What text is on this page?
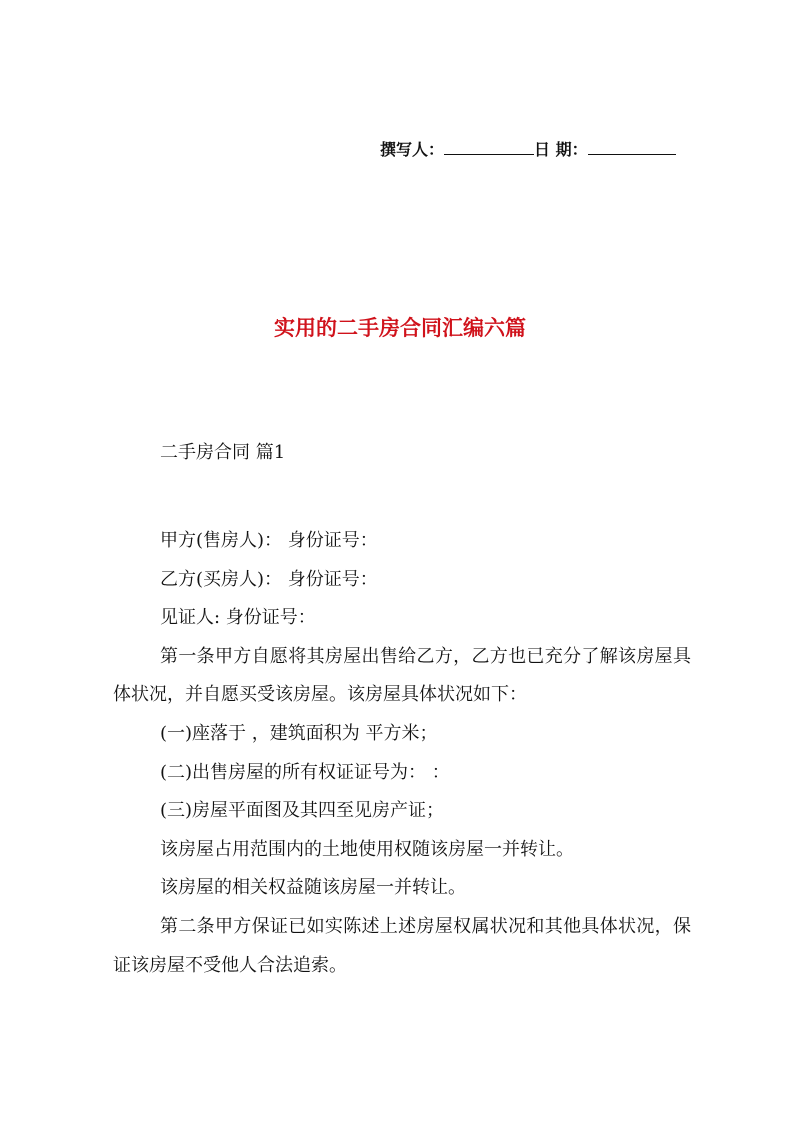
撰写人：	日 期：
实用的二手房合同汇编六篇
二手房合同 篇1

甲方(售房人)： 身份证号：

乙方(买房人)： 身份证号：

见证人: 身份证号：

第一条甲方自愿将其房屋出售给乙方，乙方也已充分了解该房屋具体状况，并自愿买受该房屋。该房屋具体状况如下：

(一)座落于 ，建筑面积为 平方米；

(二)出售房屋的所有权证证号为： ：

(三)房屋平面图及其四至见房产证；

该房屋占用范围内的土地使用权随该房屋一并转让。

该房屋的相关权益随该房屋一并转让。

第二条甲方保证已如实陈述上述房屋权属状况和其他具体状况，保证该房屋不受他人合法追索。
